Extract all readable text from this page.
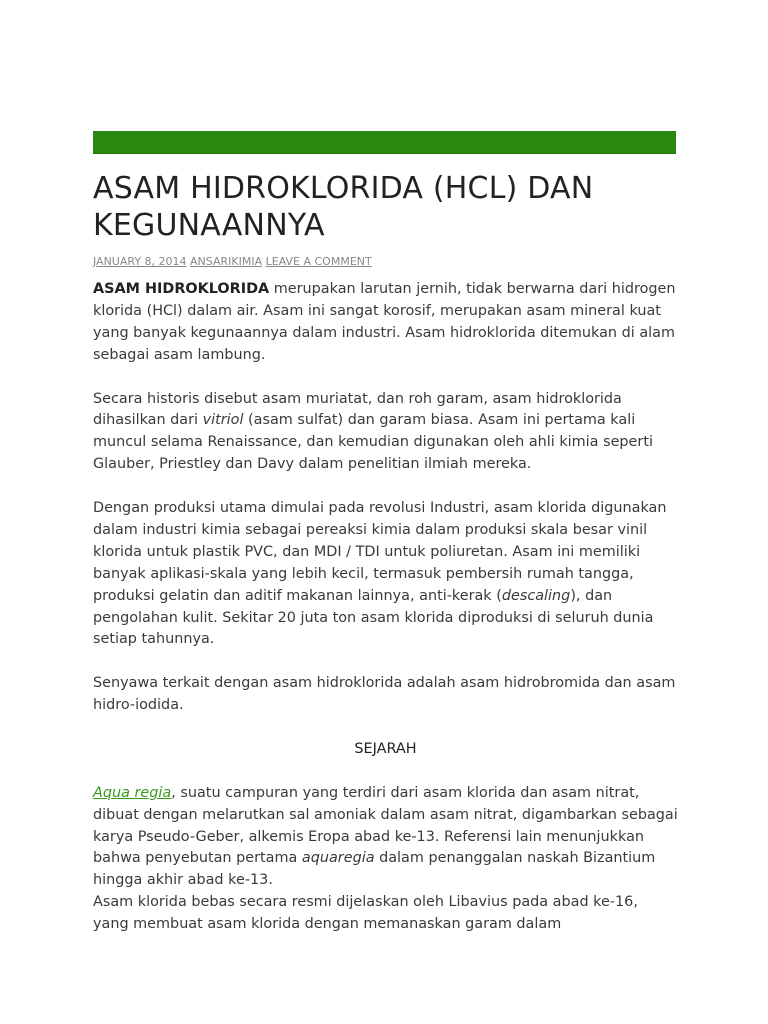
ASAM HIDROKLORIDA (HCL) DAN KEGUNAANNYA
JANUARY 8, 2014 ANSARIKIMIA LEAVE A COMMENT

ASAM HIDROKLORIDA merupakan larutan jernih, tidak berwarna dari hidrogen klorida (HCl) dalam air. Asam ini sangat korosif, merupakan asam mineral kuat yang banyak kegunaannya dalam industri. Asam hidroklorida ditemukan di alam sebagai asam lambung.

Secara historis disebut asam muriatat, dan roh garam, asam hidroklorida dihasilkan dari vitriol (asam sulfat) dan garam biasa. Asam ini pertama kali muncul selama Renaissance, dan kemudian digunakan oleh ahli kimia seperti Glauber, Priestley dan Davy dalam penelitian ilmiah mereka.

Dengan produksi utama dimulai pada revolusi Industri, asam klorida digunakan dalam industri kimia sebagai pereaksi kimia dalam produksi skala besar vinil klorida untuk plastik PVC, dan MDI / TDI untuk poliuretan. Asam ini memiliki banyak aplikasi-skala yang lebih kecil, termasuk pembersih rumah tangga, produksi gelatin dan aditif makanan lainnya, anti-kerak (descaling), dan pengolahan kulit. Sekitar 20 juta ton asam klorida diproduksi di seluruh dunia setiap tahunnya.

Senyawa terkait dengan asam hidroklorida adalah asam hidrobromida dan asam hidro-iodida.

SEJARAH

Aqua regia, suatu campuran yang terdiri dari asam klorida dan asam nitrat, dibuat dengan melarutkan sal amoniak dalam asam nitrat, digambarkan sebagai karya Pseudo-Geber, alkemis Eropa abad ke-13. Referensi lain menunjukkan bahwa penyebutan pertama aquaregia dalam penanggalan naskah Bizantium hingga akhir abad ke-13.

Asam klorida bebas secara resmi dijelaskan oleh Libavius pada abad ke-16, yang membuat asam klorida dengan memanaskan garam dalam
